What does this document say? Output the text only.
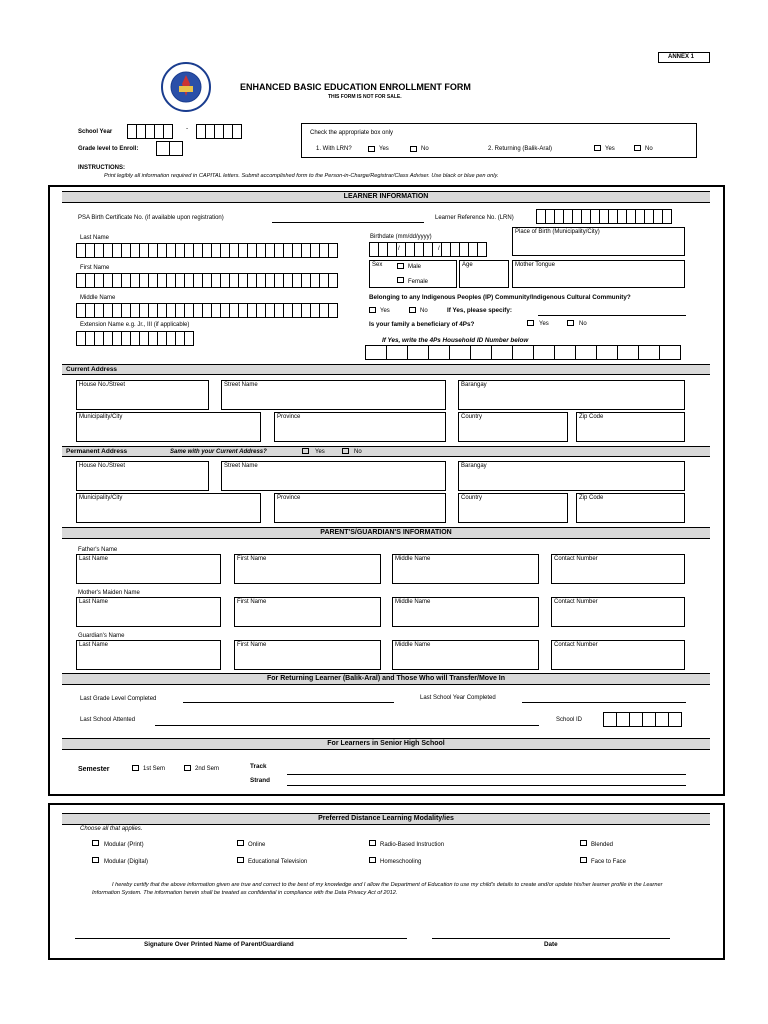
ANNEX 1
ENHANCED BASIC EDUCATION ENROLLMENT FORM
THIS FORM IS NOT FOR SALE.
School Year	-
Grade level to Enroll:
Check the appropriate box only
1. With LRN?	Yes	No	2. Returning (Balik-Aral)	Yes	No
INSTRUCTIONS:
Print legibly all information required in CAPITAL letters. Submit accomplished form to the Person-in-Charge/Registrar/Class Adviser. Use black or blue pen only.
LEARNER INFORMATION
PSA Birth Certificate No. (if available upon registration)	Learner Reference No. (LRN)
Last Name	Birthdate (mm/dd/yyyy)
/	/
Place of Birth (Municipality/City)
First Name	Sex	Male
Female
Age	Mother Tongue
Middle Name	Belonging to any Indigenous Peoples (IP) Community/Indigenous Cultural Community?
Yes	No	If Yes, please specify:
Extension Name e.g. Jr., III (if applicable)	Is your family a beneficiary of 4Ps?	Yes	No
If Yes, write the 4Ps Household ID Number below
Current Address
House No./Street	Street Name	Barangay
Municipality/City	Province	Country	Zip Code
Permanent Address	Same with your Current Address?	Yes	No
House No./Street	Street Name	Barangay
Municipality/City	Province	Country	Zip Code
PARENT'S/GUARDIAN'S INFORMATION
Father's Name
Last Name	First Name	Middle Name	Contact Number
Mother's Maiden Name
Last Name	First Name	Middle Name	Contact Number
Guardian's Name
Last Name	First Name	Middle Name	Contact Number
For Returning Learner (Balik-Aral) and Those Who will Transfer/Move In
Last Grade Level Completed	Last School Year Completed
Last School Attented	School ID
For Learners in Senior High School
Semester	1st Sem	2nd Sem	Track
Strand
Preferred Distance Learning Modality/ies
Choose all that applies.
Modular (Print)	Online	Radio-Based Instruction	Blended
Modular (Digital)	Educational Television	Homeschooling	Face to Face
I hereby certify that the above information given are true and correct to the best of my knowledge and I allow the Department of Education to use my child's details to create and/or update his/her learner profile in the Learner Information System. The information herein shall be treated as confidential in compliance with the Data Privacy Act of 2012.
Signature Over Printed Name of Parent/Guardiand	Date
